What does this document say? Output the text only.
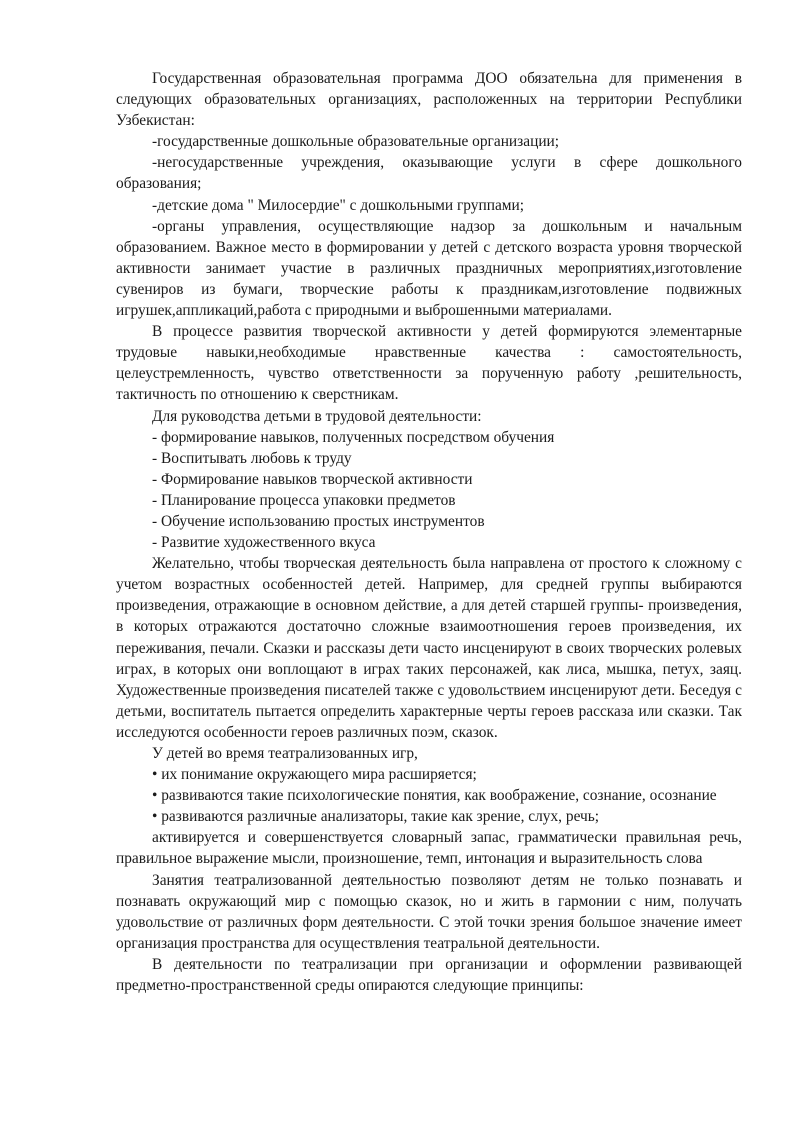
Государственная образовательная программа ДОО обязательна для применения в следующих образовательных организациях, расположенных на территории Республики Узбекистан:

-государственные дошкольные образовательные организации;

-негосударственные учреждения, оказывающие услуги в сфере дошкольного образования;

-детские дома " Милосердие" с дошкольными группами;

-органы управления, осуществляющие надзор за дошкольным и начальным образованием. Важное место в формировании у детей с детского возраста уровня творческой активности занимает участие в различных праздничных мероприятиях,изготовление сувениров из бумаги, творческие работы к праздникам,изготовление подвижных игрушек,аппликаций,работа с природными и выброшенными материалами.

В процессе развития творческой активности у детей формируются элементарные трудовые навыки,необходимые нравственные качества : самостоятельность, целеустремленность, чувство ответственности за порученную работу ,решительность, тактичность по отношению к сверстникам.

Для руководства детьми в трудовой деятельности:

- формирование навыков, полученных посредством обучения

- Воспитывать любовь к труду

- Формирование навыков творческой активности

- Планирование процесса упаковки предметов

- Обучение использованию простых инструментов

- Развитие художественного вкуса

Желательно, чтобы творческая деятельность была направлена от простого к сложному с учетом возрастных особенностей детей. Например, для средней группы выбираются произведения, отражающие в основном действие, а для детей старшей группы- произведения, в которых отражаются достаточно сложные взаимоотношения героев произведения, их переживания, печали. Сказки и рассказы дети часто инсценируют в своих творческих ролевых играх, в которых они воплощают в играх таких персонажей, как лиса, мышка, петух, заяц. Художественные произведения писателей также с удовольствием инсценируют дети. Беседуя с детьми, воспитатель пытается определить характерные черты героев рассказа или сказки. Так исследуются особенности героев различных поэм, сказок.

У детей во время театрализованных игр,

• их понимание окружающего мира расширяется;

• развиваются такие психологические понятия, как воображение, сознание, осознание

• развиваются различные анализаторы, такие как зрение, слух, речь;

активируется и совершенствуется словарный запас, грамматически правильная речь, правильное выражение мысли, произношение, темп, интонация и выразительность слова

Занятия театрализованной деятельностью позволяют детям не только познавать и познавать окружающий мир с помощью сказок, но и жить в гармонии с ним, получать удовольствие от различных форм деятельности. С этой точки зрения большое значение имеет организация пространства для осуществления театральной деятельности.

В деятельности по театрализации при организации и оформлении развивающей предметно-пространственной среды опираются следующие принципы:
